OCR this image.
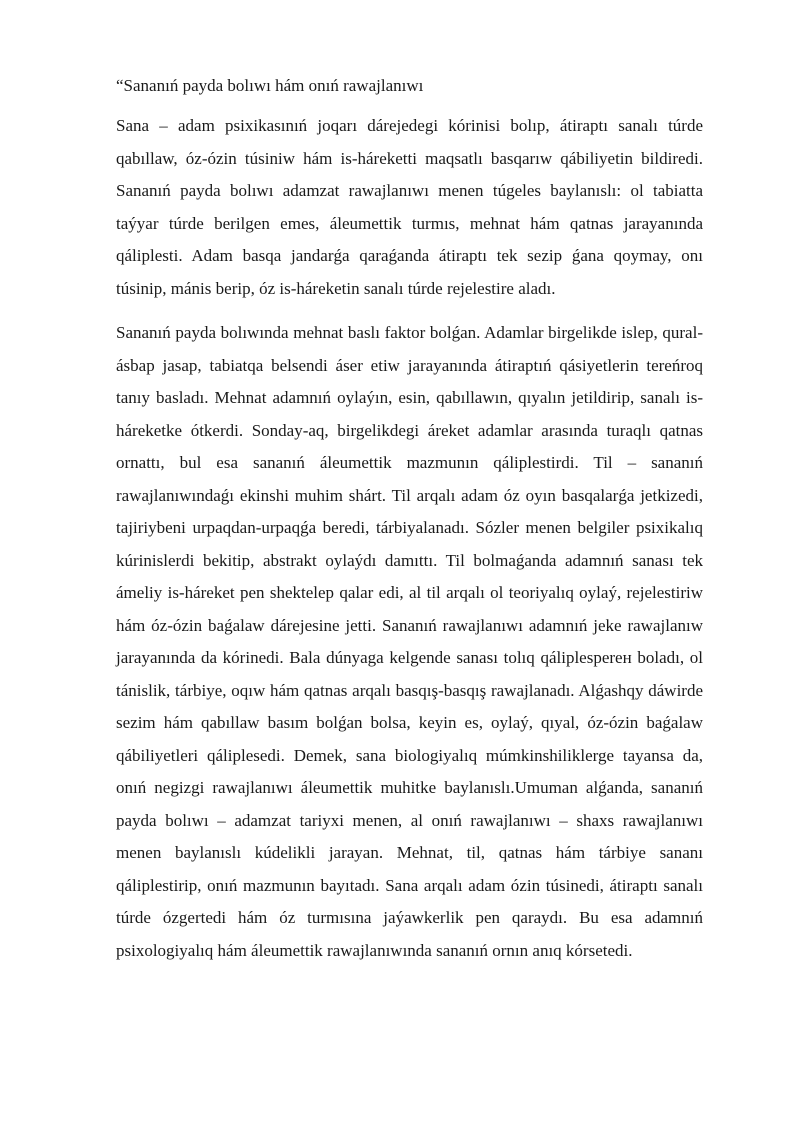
“Sananıń payda bolıwı hám onıń rawajlanıwı

Sana – adam psixikasınıń joqarı dárejedegi kórinisi bolıp, átiraptı sanalı túrde qabıllaw, óz-ózin túsiniw hám is-háreketti maqsatlı basqarıw qábiliyetin bildiredi. Sananıń payda bolıwı adamzat rawajlanıwı menen túgeles baylanıslı: ol tabiatta taýyar túrde berilgen emes, áleumettik turmıs, mehnat hám qatnas jarayanında qáliplesti. Adam basqa jandarǵa qaraǵanda átiraptı tek sezip ǵana qoymay, onı túsinip, mánis berip, óz is-háreketin sanalı túrde rejelestire aladı.

Sananıń payda bolıwında mehnat baslı faktor bolǵan. Adamlar birgelikde islep, qural-ásbap jasap, tabiatqa belsendi áser etiw jarayanında átiraptıń qásiyetlerin tereńroq tanıy basladı. Mehnat adamnıń oylaýın, esin, qabıllawın, qıyalın jetildirip, sanalı is-háreketke ótkerdi. Sonday-aq, birgelikdegi áreket adamlar arasında turaqlı qatnas ornattı, bul esa sananıń áleumettik mazmunın qáliplestirdi. Til – sananıń rawajlanıwındaǵı ekinshi muhim shárt. Til arqalı adam óz oyın basqalarǵa jetkizedi, tajiriybeni urpaqdan-urpaqǵa beredi, tárbiyalanadı. Sózler menen belgiler psixikalıq kúrinislerdi bekitip, abstrakt oylaýdı damıttı. Til bolmaǵanda adamnıń sanası tek ámeliy is-háreket pen shektelep qalar edi, al til arqalı ol teoriyalıq oylaý, rejelestiriw hám óz-ózin baǵalaw dárejesine jetti. Sananıń rawajlanıwı adamnıń jeke rawajlanıw jarayanında da kórinedi. Bala dúnyaga kelgende sanası tolıq qáliplesperен boladı, ol tánislik, tárbiye, oqıw hám qatnas arqalı basqış-basqış rawajlanadı. Alǵashqy dáwirde sezim hám qabıllaw basım bolǵan bolsa, keyin es, oylaý, qıyal, óz-ózin baǵalaw qábiliyetleri qáliplesedi. Demek, sana biologiyalıq múmkinshiliklerge tayansa da, onıń negizgi rawajlanıwı áleumettik muhitke baylanıslı.Umuman alǵanda, sananıń payda bolıwı – adamzat tariyxi menen, al onıń rawajlanıwı – shaxs rawajlanıwı menen baylanıslı kúdelikli jarayan. Mehnat, til, qatnas hám tárbiye sananı qáliplestirip, onıń mazmunın bayıtadı. Sana arqalı adam ózin túsinedi, átiraptı sanalı túrde ózgertedi hám óz turmısına jaýawkerlik pen qaraydı. Bu esa adamnıń psixologiyalıq hám áleumettik rawajlanıwında sananıń ornın anıq kórsetedi.
